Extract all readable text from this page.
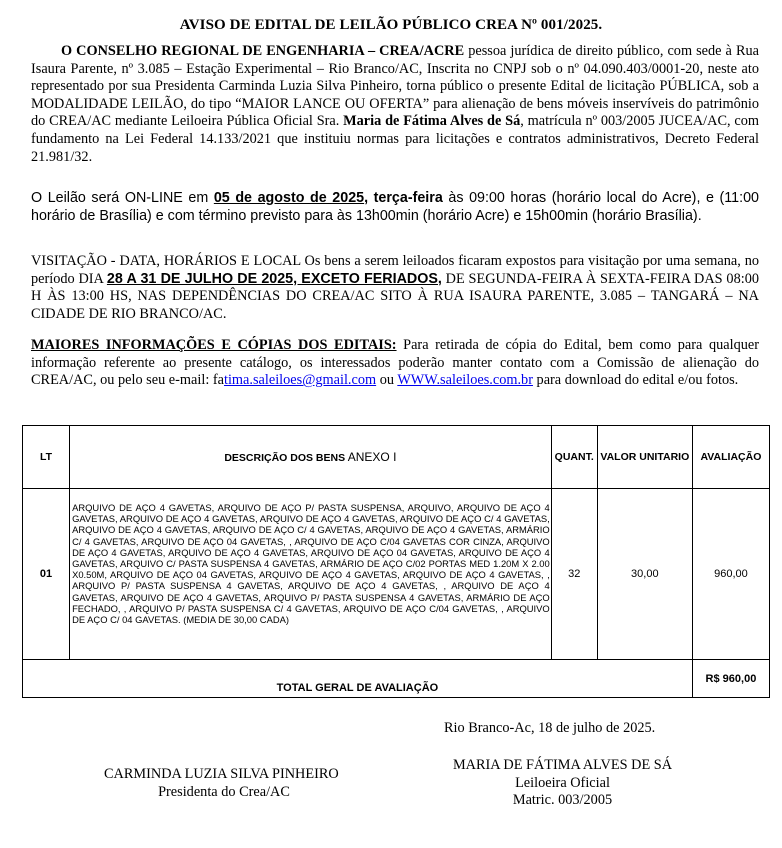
AVISO DE EDITAL DE LEILÃO PÚBLICO CREA Nº 001/2025.
O CONSELHO REGIONAL DE ENGENHARIA – CREA/ACRE pessoa jurídica de direito público, com sede à Rua Isaura Parente, nº 3.085 – Estação Experimental – Rio Branco/AC, Inscrita no CNPJ sob o nº 04.090.403/0001-20, neste ato representado por sua Presidenta Carminda Luzia Silva Pinheiro, torna público o presente Edital de licitação PÚBLICA, sob a MODALIDADE LEILÃO, do tipo “MAIOR LANCE OU OFERTA” para alienação de bens móveis inservíveis do patrimônio do CREA/AC mediante Leiloeira Pública Oficial Sra. Maria de Fátima Alves de Sá, matrícula nº 003/2005 JUCEA/AC, com fundamento na Lei Federal 14.133/2021 que instituiu normas para licitações e contratos administrativos, Decreto Federal 21.981/32.
O Leilão será ON-LINE em 05 de agosto de 2025, terça-feira às 09:00 horas (horário local do Acre), e (11:00 horário de Brasília) e com término previsto para às 13h00min (horário Acre) e 15h00min (horário Brasília).
VISITAÇÃO - DATA, HORÁRIOS E LOCAL Os bens a serem leiloados ficaram expostos para visitação por uma semana, no período DIA 28 A 31 DE JULHO DE 2025, EXCETO FERIADOS, DE SEGUNDA-FEIRA À SEXTA-FEIRA DAS 08:00 H ÀS 13:00 HS, NAS DEPENDÊNCIAS DO CREA/AC SITO À RUA ISAURA PARENTE, 3.085 – TANGARÁ – NA CIDADE DE RIO BRANCO/AC.
MAIORES INFORMAÇÕES E CÓPIAS DOS EDITAIS: Para retirada de cópia do Edital, bem como para qualquer informação referente ao presente catálogo, os interessados poderão manter contato com a Comissão de alienação do CREA/AC, ou pelo seu e-mail: fatima.saleiloes@gmail.com ou WWW.saleiloes.com.br para download do edital e/ou fotos.
LT	DESCRIÇÃO DOS BENS ANEXO I	QUANT.	VALOR UNITARIO	AVALIAÇÃO
01	ARQUIVO DE AÇO 4 GAVETAS, ARQUIVO DE AÇO P/ PASTA SUSPENSA, ARQUIVO, ARQUIVO DE AÇO 4 GAVETAS, ARQUIVO DE AÇO 4 GAVETAS, ARQUIVO DE AÇO 4 GAVETAS, ARQUIVO DE AÇO C/ 4 GAVETAS, ARQUIVO DE AÇO 4 GAVETAS, ARQUIVO DE AÇO C/ 4 GAVETAS, ARQUIVO DE AÇO 4 GAVETAS, ARMÁRIO C/ 4 GAVETAS, ARQUIVO DE AÇO 04 GAVETAS, , ARQUIVO DE AÇO C/04 GAVETAS COR CINZA, ARQUIVO DE AÇO 4 GAVETAS, ARQUIVO DE AÇO 4 GAVETAS, ARQUIVO DE AÇO 04 GAVETAS, ARQUIVO DE AÇO 4 GAVETAS, ARQUIVO C/ PASTA SUSPENSA 4 GAVETAS, ARMÁRIO DE AÇO C/02 PORTAS MED 1.20M X 2.00 X0.50M, ARQUIVO DE AÇO 04 GAVETAS, ARQUIVO DE AÇO 4 GAVETAS, ARQUIVO DE AÇO 4 GAVETAS, , ARQUIVO P/ PASTA SUSPENSA 4 GAVETAS, ARQUIVO DE AÇO 4 GAVETAS, , ARQUIVO DE AÇO 4 GAVETAS, ARQUIVO DE AÇO 4 GAVETAS, ARQUIVO P/ PASTA SUSPENSA 4 GAVETAS, ARMÁRIO DE AÇO FECHADO, , ARQUIVO P/ PASTA SUSPENSA C/ 4 GAVETAS, ARQUIVO DE AÇO C/04 GAVETAS, , ARQUIVO DE AÇO C/ 04 GAVETAS. (MEDIA DE 30,00 CADA)	32	30,00	960,00
TOTAL GERAL DE AVALIAÇÃO				R$ 960,00
Rio Branco-Ac, 18 de julho de 2025.
CARMINDA LUZIA SILVA PINHEIRO
Presidenta do Crea/AC
MARIA DE FÁTIMA ALVES DE SÁ
Leiloeira Oficial
Matric. 003/2005
